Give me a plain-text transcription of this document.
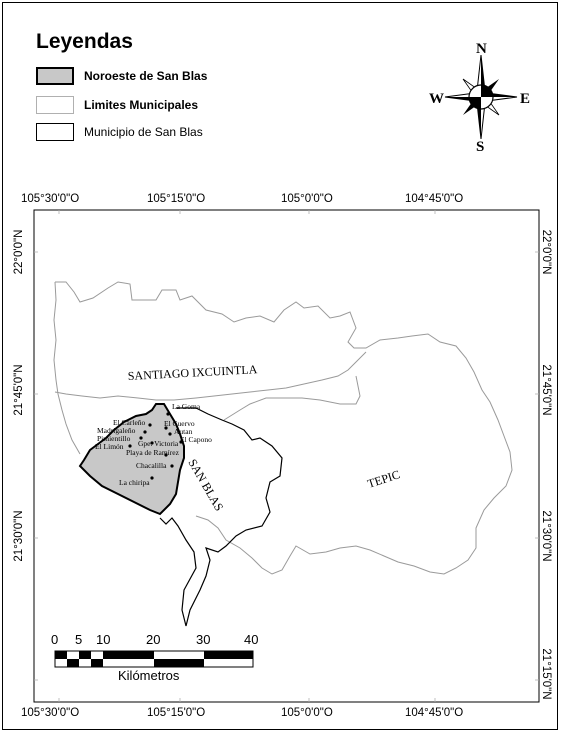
Leyendas
Noroeste de San Blas
Limites Municipales
Municipio de San Blas
105°30'0"O	105°15'0"O	105°0'0"O	104°45'0"O
105°30'0"O	105°15'0"O	105°0'0"O	104°45'0"O
22°0'0"N
21°45'0"N
21°30'0"N
22°0'0"N
21°45'0"N
21°30'0"N
21°15'0"N
La Goma
El Carleño El Cuervo
Madrigaleño	Autan
Pimientillo	El Capono
El Limón Gpe. Victoria
Playa de Ramírez
Chacalilla
La chiripa
SANTIAGO IXCUINTLA
SAN BLAS	TEPIC
N
S
W	E
0 5 10	20	30	40
Kilómetros
